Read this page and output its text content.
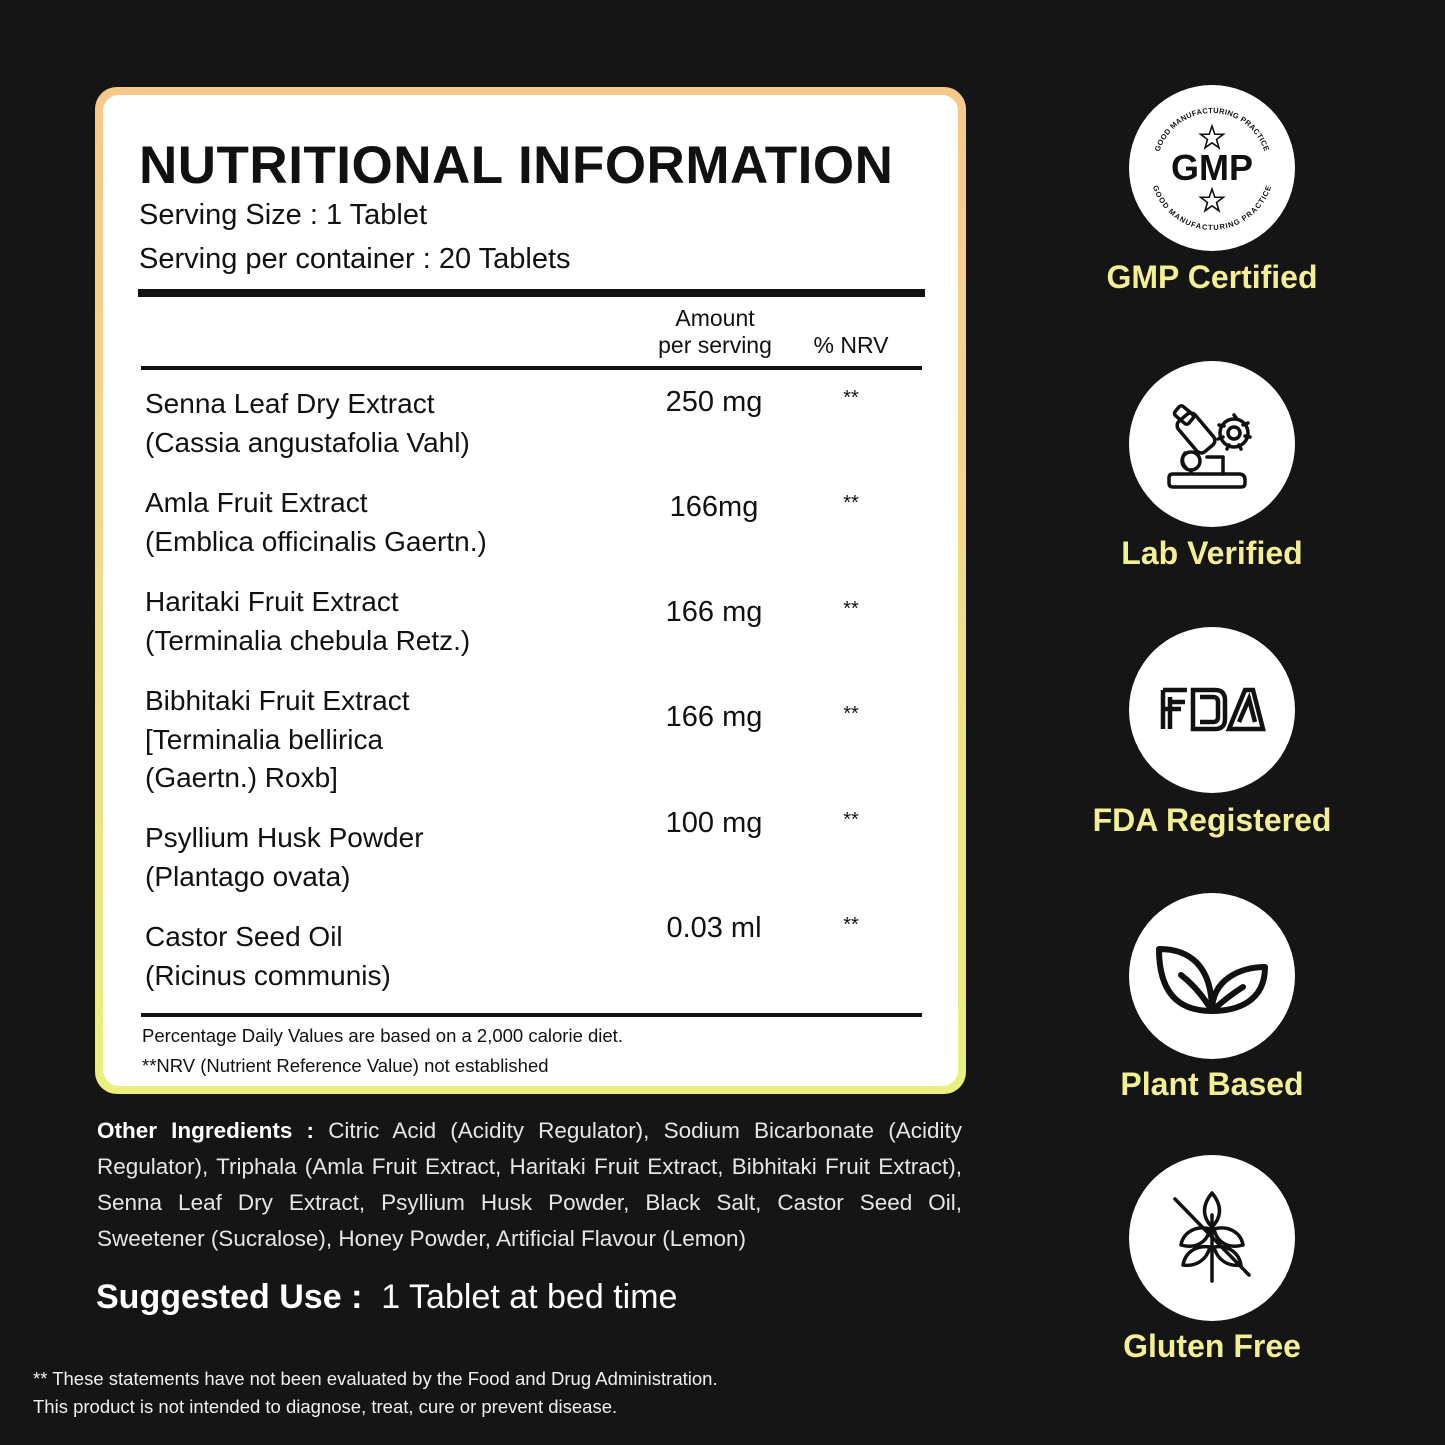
NUTRITIONAL INFORMATION
Serving Size : 1 Tablet
Serving per container : 20 Tablets
Amount
per serving	% NRV
Senna Leaf Dry Extract
(Cassia angustafolia Vahl)
250 mg	**
Amla Fruit Extract
(Emblica officinalis Gaertn.)
166mg	**
Haritaki Fruit Extract
(Terminalia chebula Retz.)
166 mg	**
Bibhitaki Fruit Extract
[Terminalia bellirica
(Gaertn.) Roxb]
166 mg	**
Psyllium Husk Powder
(Plantago ovata)
100 mg	**
Castor Seed Oil
(Ricinus communis)
0.03 ml	**
Percentage Daily Values are based on a 2,000 calorie diet.
**NRV (Nutrient Reference Value) not established
Other Ingredients : Citric Acid (Acidity Regulator), Sodium Bicarbonate (Acidity Regulator), Triphala (Amla Fruit Extract, Haritaki Fruit Extract, Bibhitaki Fruit Extract), Senna Leaf Dry Extract, Psyllium Husk Powder, Black Salt, Castor Seed Oil, Sweetener (Sucralose), Honey Powder, Artificial Flavour (Lemon)
Suggested Use : 1 Tablet at bed time
** These statements have not been evaluated by the Food and Drug Administration.
This product is not intended to diagnose, treat, cure or prevent disease.
GOOD MANUFACTURING PRACTICE
GOOD MANUFACTURING PRACTICE
GMP
GMP Certified
Lab Verified
FDA Registered
Plant Based
Gluten Free
